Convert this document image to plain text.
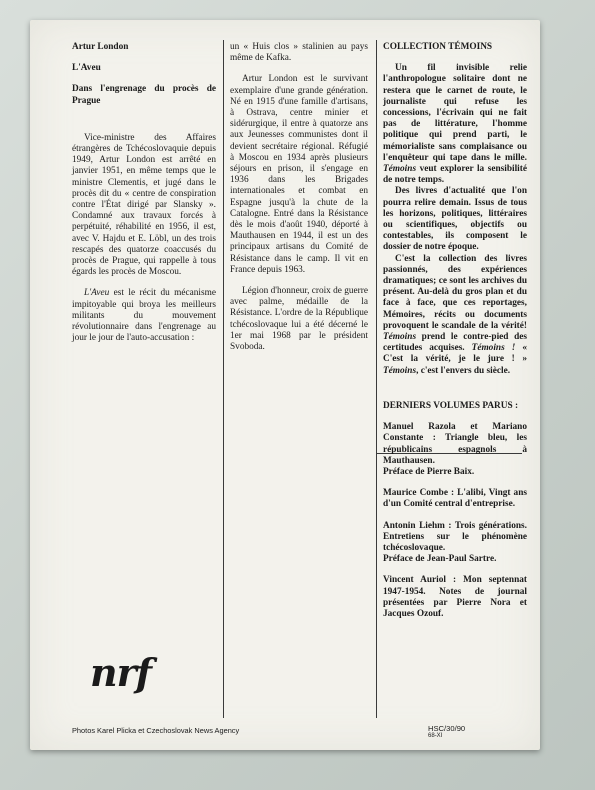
Artur London

L'Aveu

Dans l'engrenage du procès de Prague

Vice-ministre des Affaires étrangères de Tchécoslovaquie depuis 1949, Artur London est arrêté en janvier 1951, en même temps que le ministre Clementis, et jugé dans le procès dit du « centre de conspiration contre l'État dirigé par Slansky ». Condamné aux travaux forcés à perpétuité, réhabilité en 1956, il est, avec V. Hajdu et E. Löbl, un des trois rescapés des quatorze coaccusés du procès de Prague, qui rappelle à tous égards les procès de Moscou.

L'Aveu est le récit du mécanisme impitoyable qui broya les meilleurs militants du mouvement révolutionnaire dans l'engrenage au jour le jour de l'auto-accusation :

un « Huis clos » stalinien au pays même de Kafka.

Artur London est le survivant exemplaire d'une grande génération. Né en 1915 d'une famille d'artisans, à Ostrava, centre minier et sidérurgique, il entre à quatorze ans aux Jeunesses communistes dont il devient secrétaire régional. Réfugié à Moscou en 1934 après plusieurs séjours en prison, il s'engage en 1936 dans les Brigades internationales et combat en Espagne jusqu'à la chute de la Catalogne. Entré dans la Résistance dès le mois d'août 1940, déporté à Mauthausen en 1944, il est un des principaux artisans du Comité de Résistance dans le camp. Il vit en France depuis 1963.

Légion d'honneur, croix de guerre avec palme, médaille de la Résistance. L'ordre de la République tchécoslovaque lui a été décerné le 1er mai 1968 par le président Svoboda.

COLLECTION TÉMOINS

Un fil invisible relie l'anthropologue solitaire dont ne restera que le carnet de route, le journaliste qui refuse les concessions, l'écrivain qui ne fait pas de littérature, l'homme politique qui prend parti, le mémorialiste sans complaisance ou l'enquêteur qui tape dans le mille. Témoins veut explorer la sensibilité de notre temps.

Des livres d'actualité que l'on pourra relire demain. Issus de tous les horizons, politiques, littéraires ou scientifiques, objectifs ou contestables, ils composent le dossier de notre époque.

C'est la collection des livres passionnés, des expériences dramatiques; ce sont les archives du présent. Au-delà du gros plan et du face à face, que ces reportages, Mémoires, récits ou documents provoquent le scandale de la vérité! Témoins prend le contre-pied des certitudes acquises. Témoins ! « C'est la vérité, je le jure ! » Témoins, c'est l'envers du siècle.

DERNIERS VOLUMES PARUS :

Manuel Razola et Mariano Constante : Triangle bleu, les républicains espagnols à Mauthausen.

Préface de Pierre Baix.

Maurice Combe : L'alibi, Vingt ans d'un Comité central d'entreprise.

Antonin Liehm : Trois générations. Entretiens sur le phénomène tchécoslovaque.

Préface de Jean-Paul Sartre.

Vincent Auriol : Mon septennat 1947-1954. Notes de journal présentées par Pierre Nora et Jacques Ozouf.

nrf
Photos Karel Plicka et Czechoslovak News Agency	HSC/30/90
68-XI
